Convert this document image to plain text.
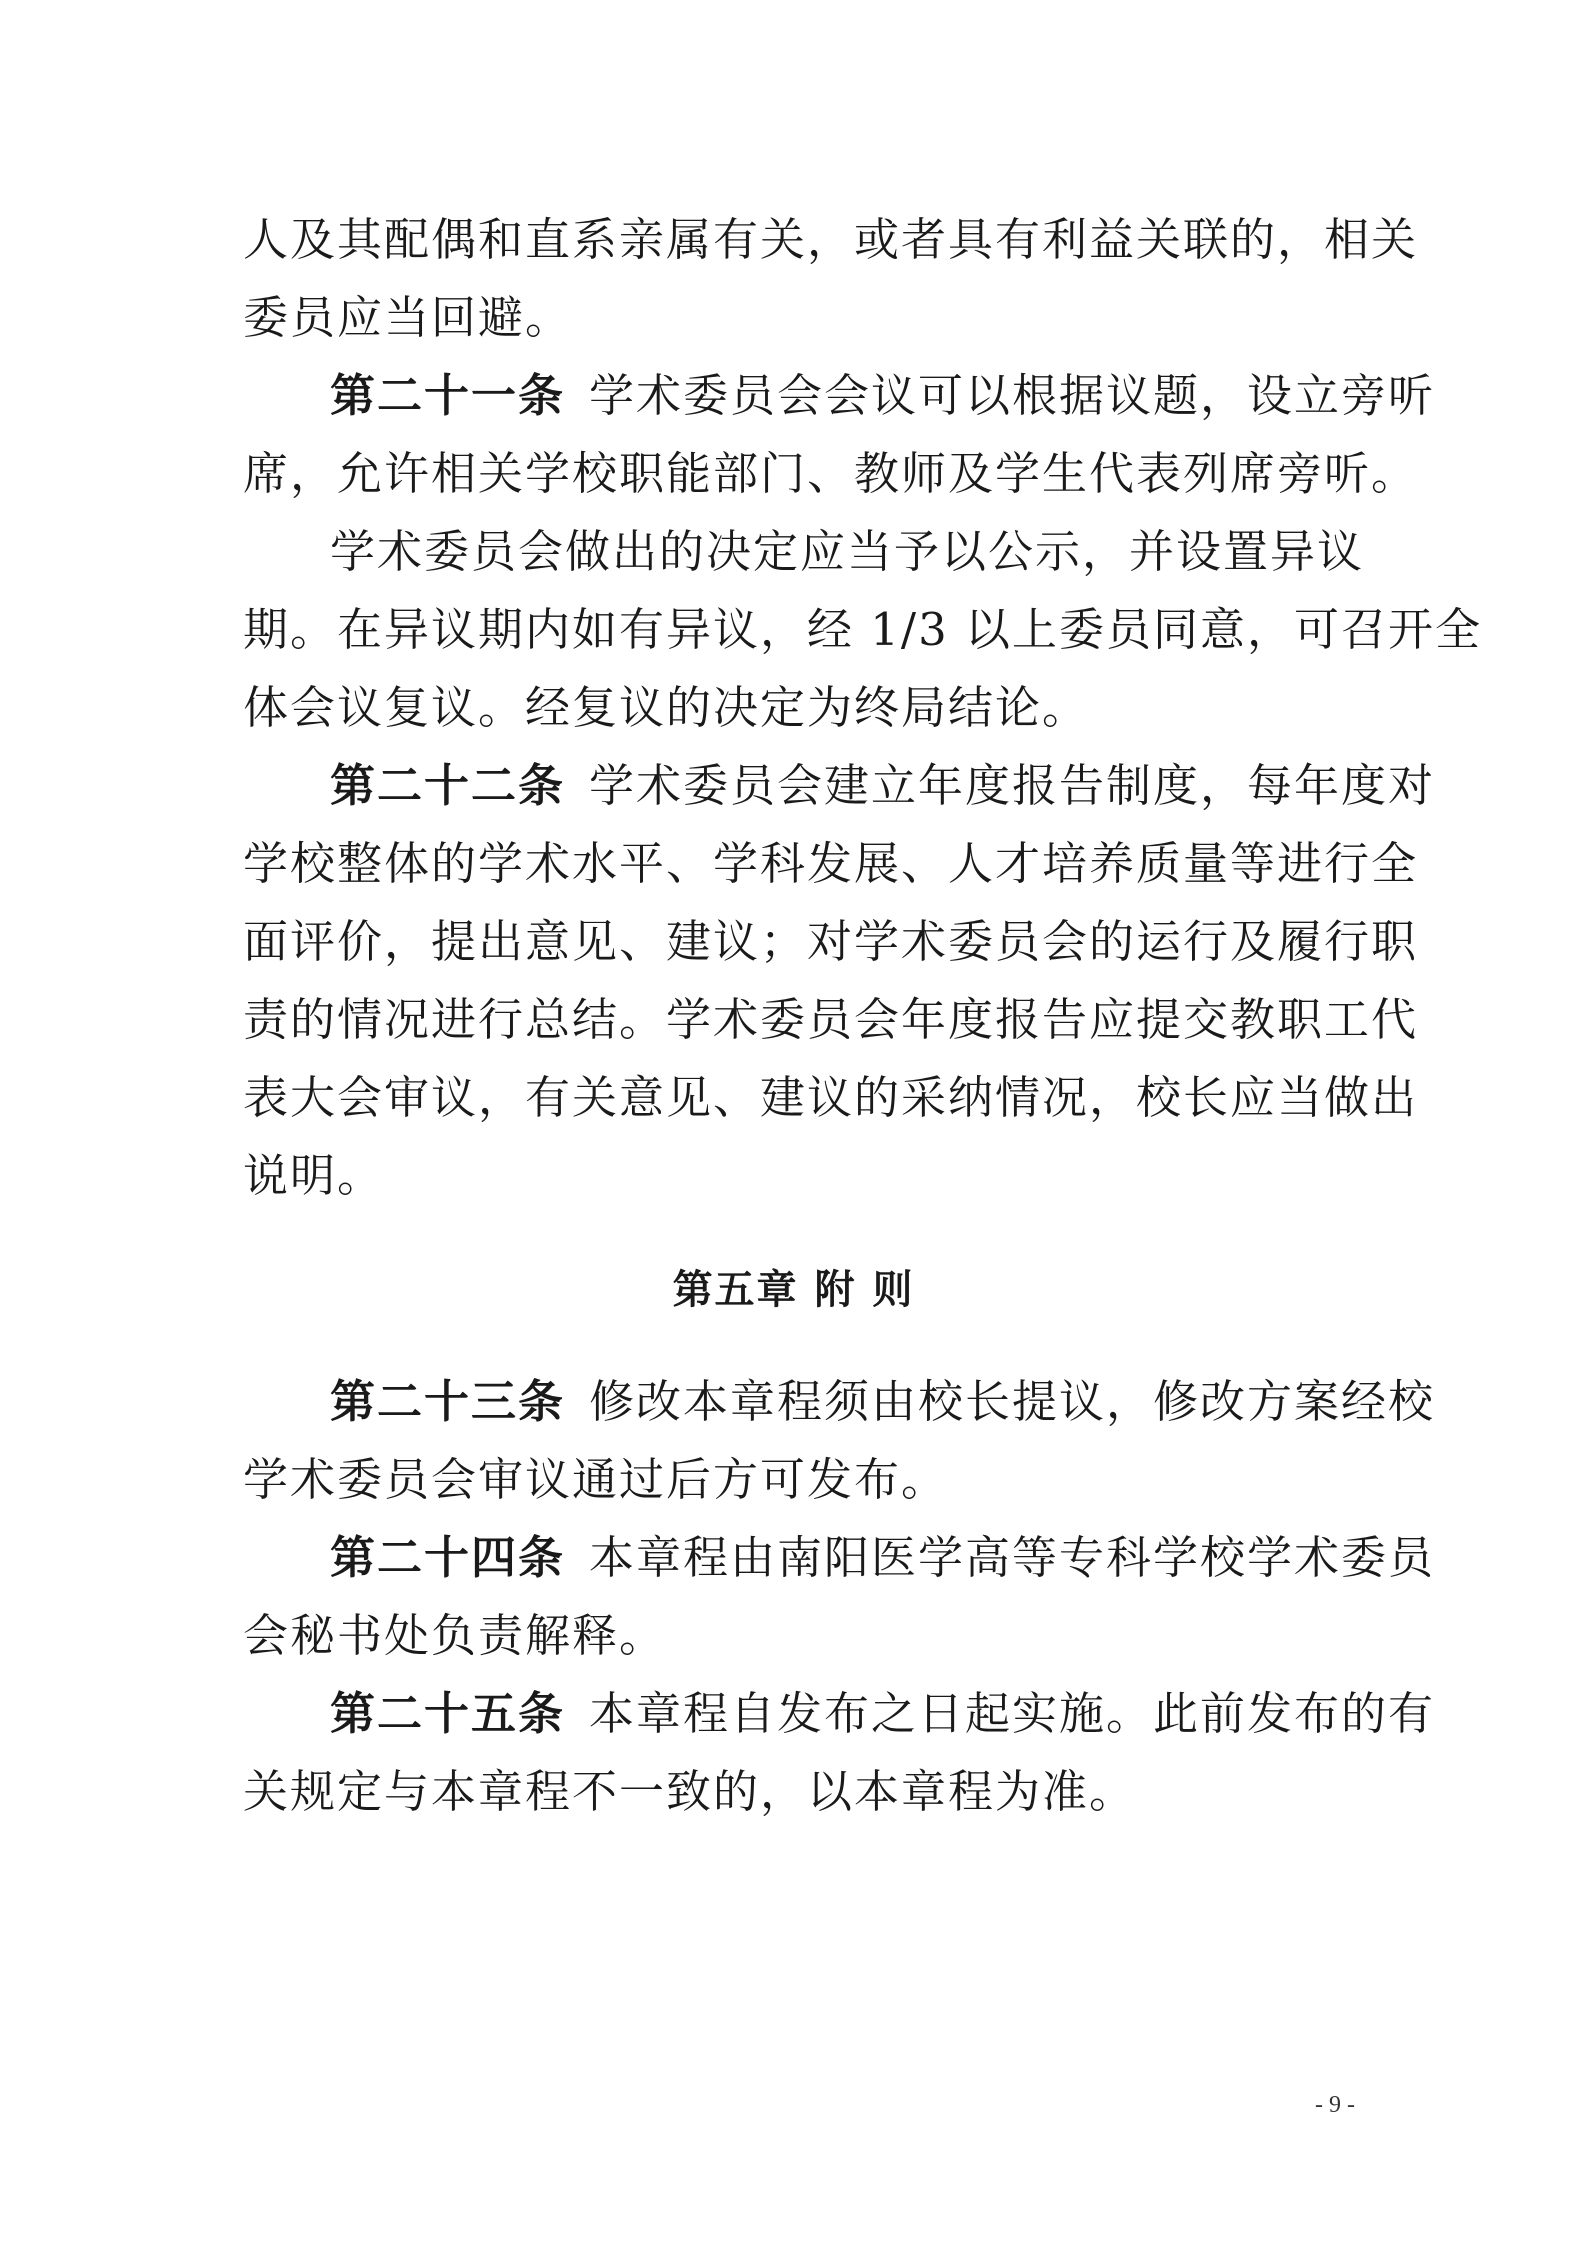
人及其配偶和直系亲属有关，或者具有利益关联的，相关
委员应当回避。
第二十一条 学术委员会会议可以根据议题，设立旁听
席，允许相关学校职能部门、教师及学生代表列席旁听。
学术委员会做出的决定应当予以公示，并设置异议
期。在异议期内如有异议，经 1/3 以上委员同意，可召开全
体会议复议。经复议的决定为终局结论。
第二十二条 学术委员会建立年度报告制度，每年度对
学校整体的学术水平、学科发展、人才培养质量等进行全
面评价，提出意见、建议；对学术委员会的运行及履行职
责的情况进行总结。学术委员会年度报告应提交教职工代
表大会审议，有关意见、建议的采纳情况，校长应当做出
说明。
第五章 附 则
第二十三条 修改本章程须由校长提议，修改方案经校
学术委员会审议通过后方可发布。
第二十四条 本章程由南阳医学高等专科学校学术委员
会秘书处负责解释。
第二十五条 本章程自发布之日起实施。此前发布的有
关规定与本章程不一致的，以本章程为准。
- 9 -
